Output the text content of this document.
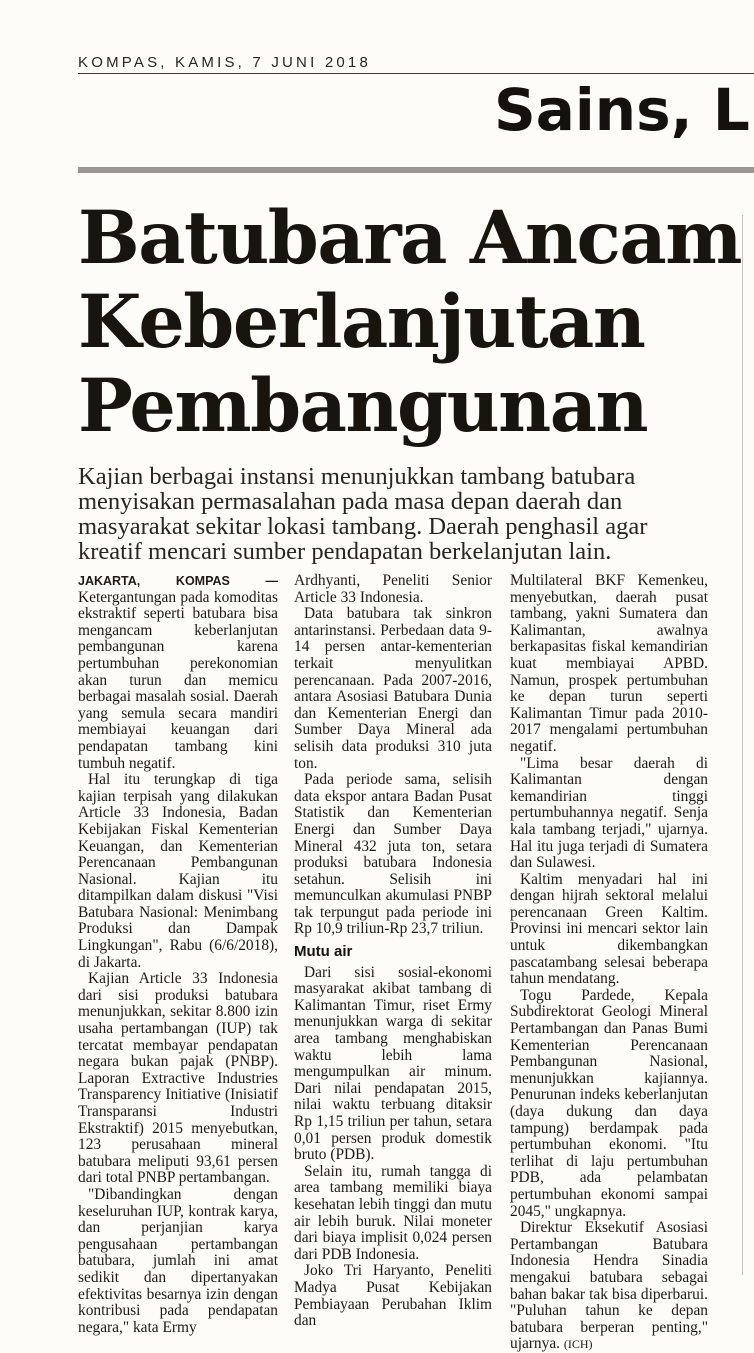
KOMPAS, KAMIS, 7 JUNI 2018
Sains, L
Batubara Ancam
Keberlanjutan
Pembangunan
Kajian berbagai instansi menunjukkan tambang batubara
menyisakan permasalahan pada masa depan daerah dan
masyarakat sekitar lokasi tambang. Daerah penghasil agar
kreatif mencari sumber pendapatan berkelanjutan lain.

JAKARTA, KOMPAS — Ketergantungan pada komoditas ekstraktif seperti batubara bisa mengancam keberlanjutan pembangunan karena pertumbuhan perekonomian akan turun dan memicu berbagai masalah sosial. Daerah yang semula secara mandiri membiayai keuangan dari pendapatan tambang kini tumbuh negatif.

Hal itu terungkap di tiga kajian terpisah yang dilakukan Article 33 Indonesia, Badan Kebijakan Fiskal Kementerian Keuangan, dan Kementerian Perencanaan Pembangunan Nasional. Kajian itu ditampilkan dalam diskusi "Visi Batubara Nasional: Menimbang Produksi dan Dampak Lingkungan", Rabu (6/6/2018), di Jakarta.

Kajian Article 33 Indonesia dari sisi produksi batubara menunjukkan, sekitar 8.800 izin usaha pertambangan (IUP) tak tercatat membayar pendapatan negara bukan pajak (PNBP). Laporan Extractive Industries Transparency Initiative (Inisiatif Transparansi Industri Ekstraktif) 2015 menyebutkan, 123 perusahaan mineral batubara meliputi 93,61 persen dari total PNBP pertambangan.

"Dibandingkan dengan keseluruhan IUP, kontrak karya, dan perjanjian karya pengusahaan pertambangan batubara, jumlah ini amat sedikit dan dipertanyakan efektivitas besarnya izin dengan kontribusi pada pendapatan negara," kata Ermy

Ardhyanti, Peneliti Senior Article 33 Indonesia.

Data batubara tak sinkron antarinstansi. Perbedaan data 9-14 persen antar-kementerian terkait menyulitkan perencanaan. Pada 2007-2016, antara Asosiasi Batubara Dunia dan Kementerian Energi dan Sumber Daya Mineral ada selisih data produksi 310 juta ton.

Pada periode sama, selisih data ekspor antara Badan Pusat Statistik dan Kementerian Energi dan Sumber Daya Mineral 432 juta ton, setara produksi batubara Indonesia setahun. Selisih ini memunculkan akumulasi PNBP tak terpungut pada periode ini Rp 10,9 triliun-Rp 23,7 triliun.

Mutu air

Dari sisi sosial-ekonomi masyarakat akibat tambang di Kalimantan Timur, riset Ermy menunjukkan warga di sekitar area tambang menghabiskan waktu lebih lama mengumpulkan air minum. Dari nilai pendapatan 2015, nilai waktu terbuang ditaksir Rp 1,15 triliun per tahun, setara 0,01 persen produk domestik bruto (PDB).

Selain itu, rumah tangga di area tambang memiliki biaya kesehatan lebih tinggi dan mutu air lebih buruk. Nilai moneter dari biaya implisit 0,024 persen dari PDB Indonesia.

Joko Tri Haryanto, Peneliti Madya Pusat Kebijakan Pembiayaan Perubahan Iklim dan

Multilateral BKF Kemenkeu, menyebutkan, daerah pusat tambang, yakni Sumatera dan Kalimantan, awalnya berkapasitas fiskal kemandirian kuat membiayai APBD. Namun, prospek pertumbuhan ke depan turun seperti Kalimantan Timur pada 2010-2017 mengalami pertumbuhan negatif.

"Lima besar daerah di Kalimantan dengan kemandirian tinggi pertumbuhannya negatif. Senja kala tambang terjadi," ujarnya. Hal itu juga terjadi di Sumatera dan Sulawesi.

Kaltim menyadari hal ini dengan hijrah sektoral melalui perencanaan Green Kaltim. Provinsi ini mencari sektor lain untuk dikembangkan pascatambang selesai beberapa tahun mendatang.

Togu Pardede, Kepala Subdirektorat Geologi Mineral Pertambangan dan Panas Bumi Kementerian Perencanaan Pembangunan Nasional, menunjukkan kajiannya. Penurunan indeks keberlanjutan (daya dukung dan daya tampung) berdampak pada pertumbuhan ekonomi. "Itu terlihat di laju pertumbuhan PDB, ada pelambatan pertumbuhan ekonomi sampai 2045," ungkapnya.

Direktur Eksekutif Asosiasi Pertambangan Batubara Indonesia Hendra Sinadia mengakui batubara sebagai bahan bakar tak bisa diperbarui. "Puluhan tahun ke depan batubara berperan penting," ujarnya. (ICH)
